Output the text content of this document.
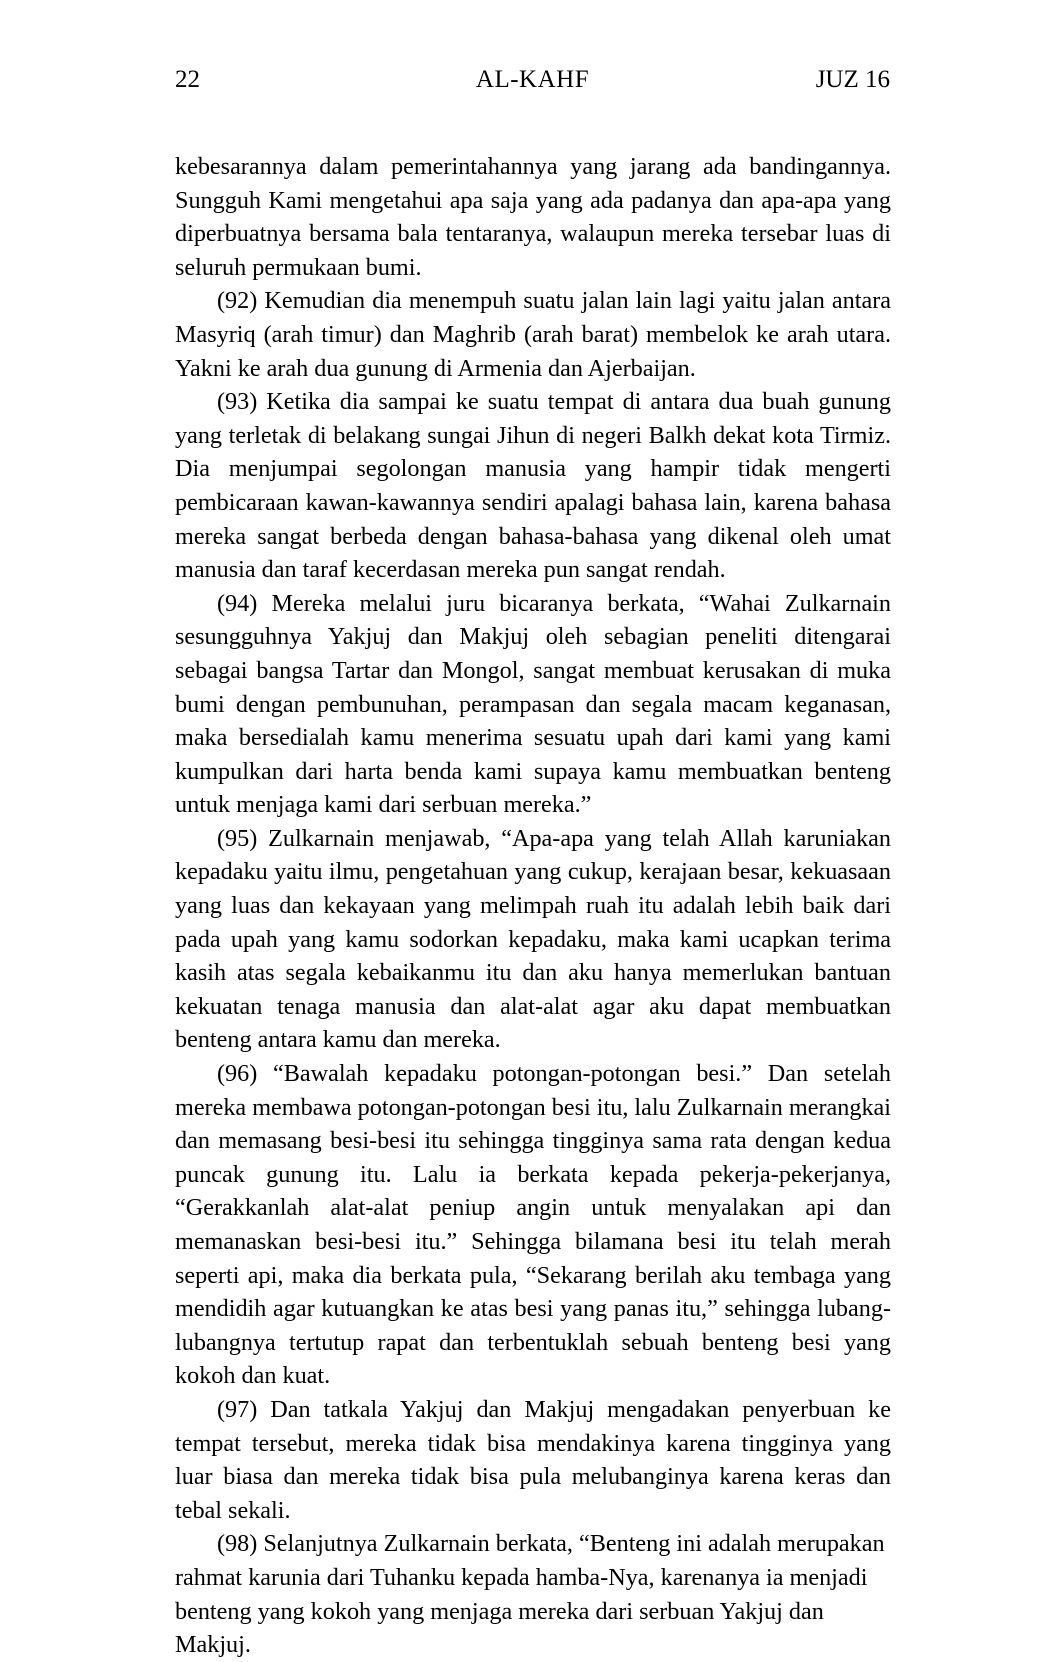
22	AL-KAHF	JUZ 16

kebesarannya dalam pemerintahannya yang jarang ada bandingannya. Sungguh Kami mengetahui apa saja yang ada padanya dan apa-apa yang diperbuatnya bersama bala tentaranya, walaupun mereka tersebar luas di seluruh permukaan bumi.

(92) Kemudian dia menempuh suatu jalan lain lagi yaitu jalan antara Masyriq (arah timur) dan Maghrib (arah barat) membelok ke arah utara. Yakni ke arah dua gunung di Armenia dan Ajerbaijan.

(93) Ketika dia sampai ke suatu tempat di antara dua buah gunung yang terletak di belakang sungai Jihun di negeri Balkh dekat kota Tirmiz. Dia menjumpai segolongan manusia yang hampir tidak mengerti pembicaraan kawan-kawannya sendiri apalagi bahasa lain, karena bahasa mereka sangat berbeda dengan bahasa-bahasa yang dikenal oleh umat manusia dan taraf kecerdasan mereka pun sangat rendah.

(94) Mereka melalui juru bicaranya berkata, “Wahai Zulkarnain sesungguhnya Yakjuj dan Makjuj oleh sebagian peneliti ditengarai sebagai bangsa Tartar dan Mongol, sangat membuat kerusakan di muka bumi dengan pembunuhan, perampasan dan segala macam keganasan, maka bersedialah kamu menerima sesuatu upah dari kami yang kami kumpulkan dari harta benda kami supaya kamu membuatkan benteng untuk menjaga kami dari serbuan mereka.”

(95) Zulkarnain menjawab, “Apa-apa yang telah Allah karuniakan kepadaku yaitu ilmu, pengetahuan yang cukup, kerajaan besar, kekuasaan yang luas dan kekayaan yang melimpah ruah itu adalah lebih baik dari pada upah yang kamu sodorkan kepadaku, maka kami ucapkan terima kasih atas segala kebaikanmu itu dan aku hanya memerlukan bantuan kekuatan tenaga manusia dan alat-alat agar aku dapat membuatkan benteng antara kamu dan mereka.

(96) “Bawalah kepadaku potongan-potongan besi.” Dan setelah mereka membawa potongan-potongan besi itu, lalu Zulkarnain merangkai dan memasang besi-besi itu sehingga tingginya sama rata dengan kedua puncak gunung itu. Lalu ia berkata kepada pekerja-pekerjanya, “Gerakkanlah alat-alat peniup angin untuk menyalakan api dan memanaskan besi-besi itu.” Sehingga bilamana besi itu telah merah seperti api, maka dia berkata pula, “Sekarang berilah aku tembaga yang mendidih agar kutuangkan ke atas besi yang panas itu,” sehingga lubang-lubangnya tertutup rapat dan terbentuklah sebuah benteng besi yang kokoh dan kuat.

(97) Dan tatkala Yakjuj dan Makjuj mengadakan penyerbuan ke tempat tersebut, mereka tidak bisa mendakinya karena tingginya yang luar biasa dan mereka tidak bisa pula melubanginya karena keras dan tebal sekali.

(98) Selanjutnya Zulkarnain berkata, “Benteng ini adalah merupakan rahmat karunia dari Tuhanku kepada hamba-Nya, karenanya ia menjadi benteng yang kokoh yang menjaga mereka dari serbuan Yakjuj dan Makjuj.
